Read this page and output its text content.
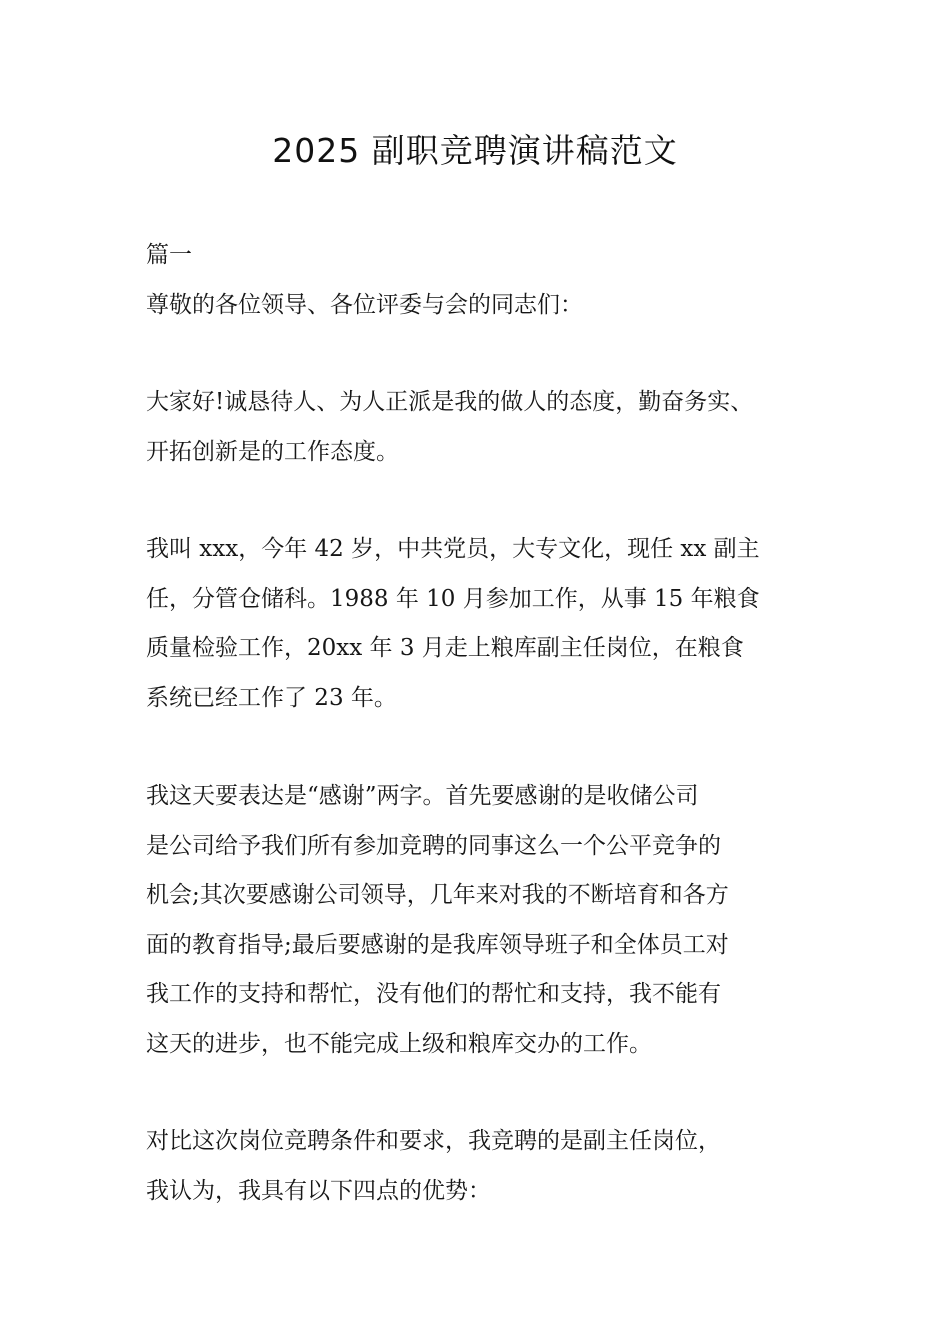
2025 副职竞聘演讲稿范文

篇一

尊敬的各位领导、各位评委与会的同志们：

大家好!诚恳待人、为人正派是我的做人的态度，勤奋务实、
开拓创新是的工作态度。

我叫 xxx，今年 42 岁，中共党员，大专文化，现任 xx 副主
任，分管仓储科。1988 年 10 月参加工作，从事 15 年粮食
质量检验工作，20xx 年 3 月走上粮库副主任岗位，在粮食
系统已经工作了 23 年。

我这天要表达是“感谢”两字。首先要感谢的是收储公司
是公司给予我们所有参加竞聘的同事这么一个公平竞争的
机会;其次要感谢公司领导，几年来对我的不断培育和各方
面的教育指导;最后要感谢的是我库领导班子和全体员工对
我工作的支持和帮忙，没有他们的帮忙和支持，我不能有
这天的进步，也不能完成上级和粮库交办的工作。

对比这次岗位竞聘条件和要求，我竞聘的是副主任岗位，
我认为，我具有以下四点的优势：
